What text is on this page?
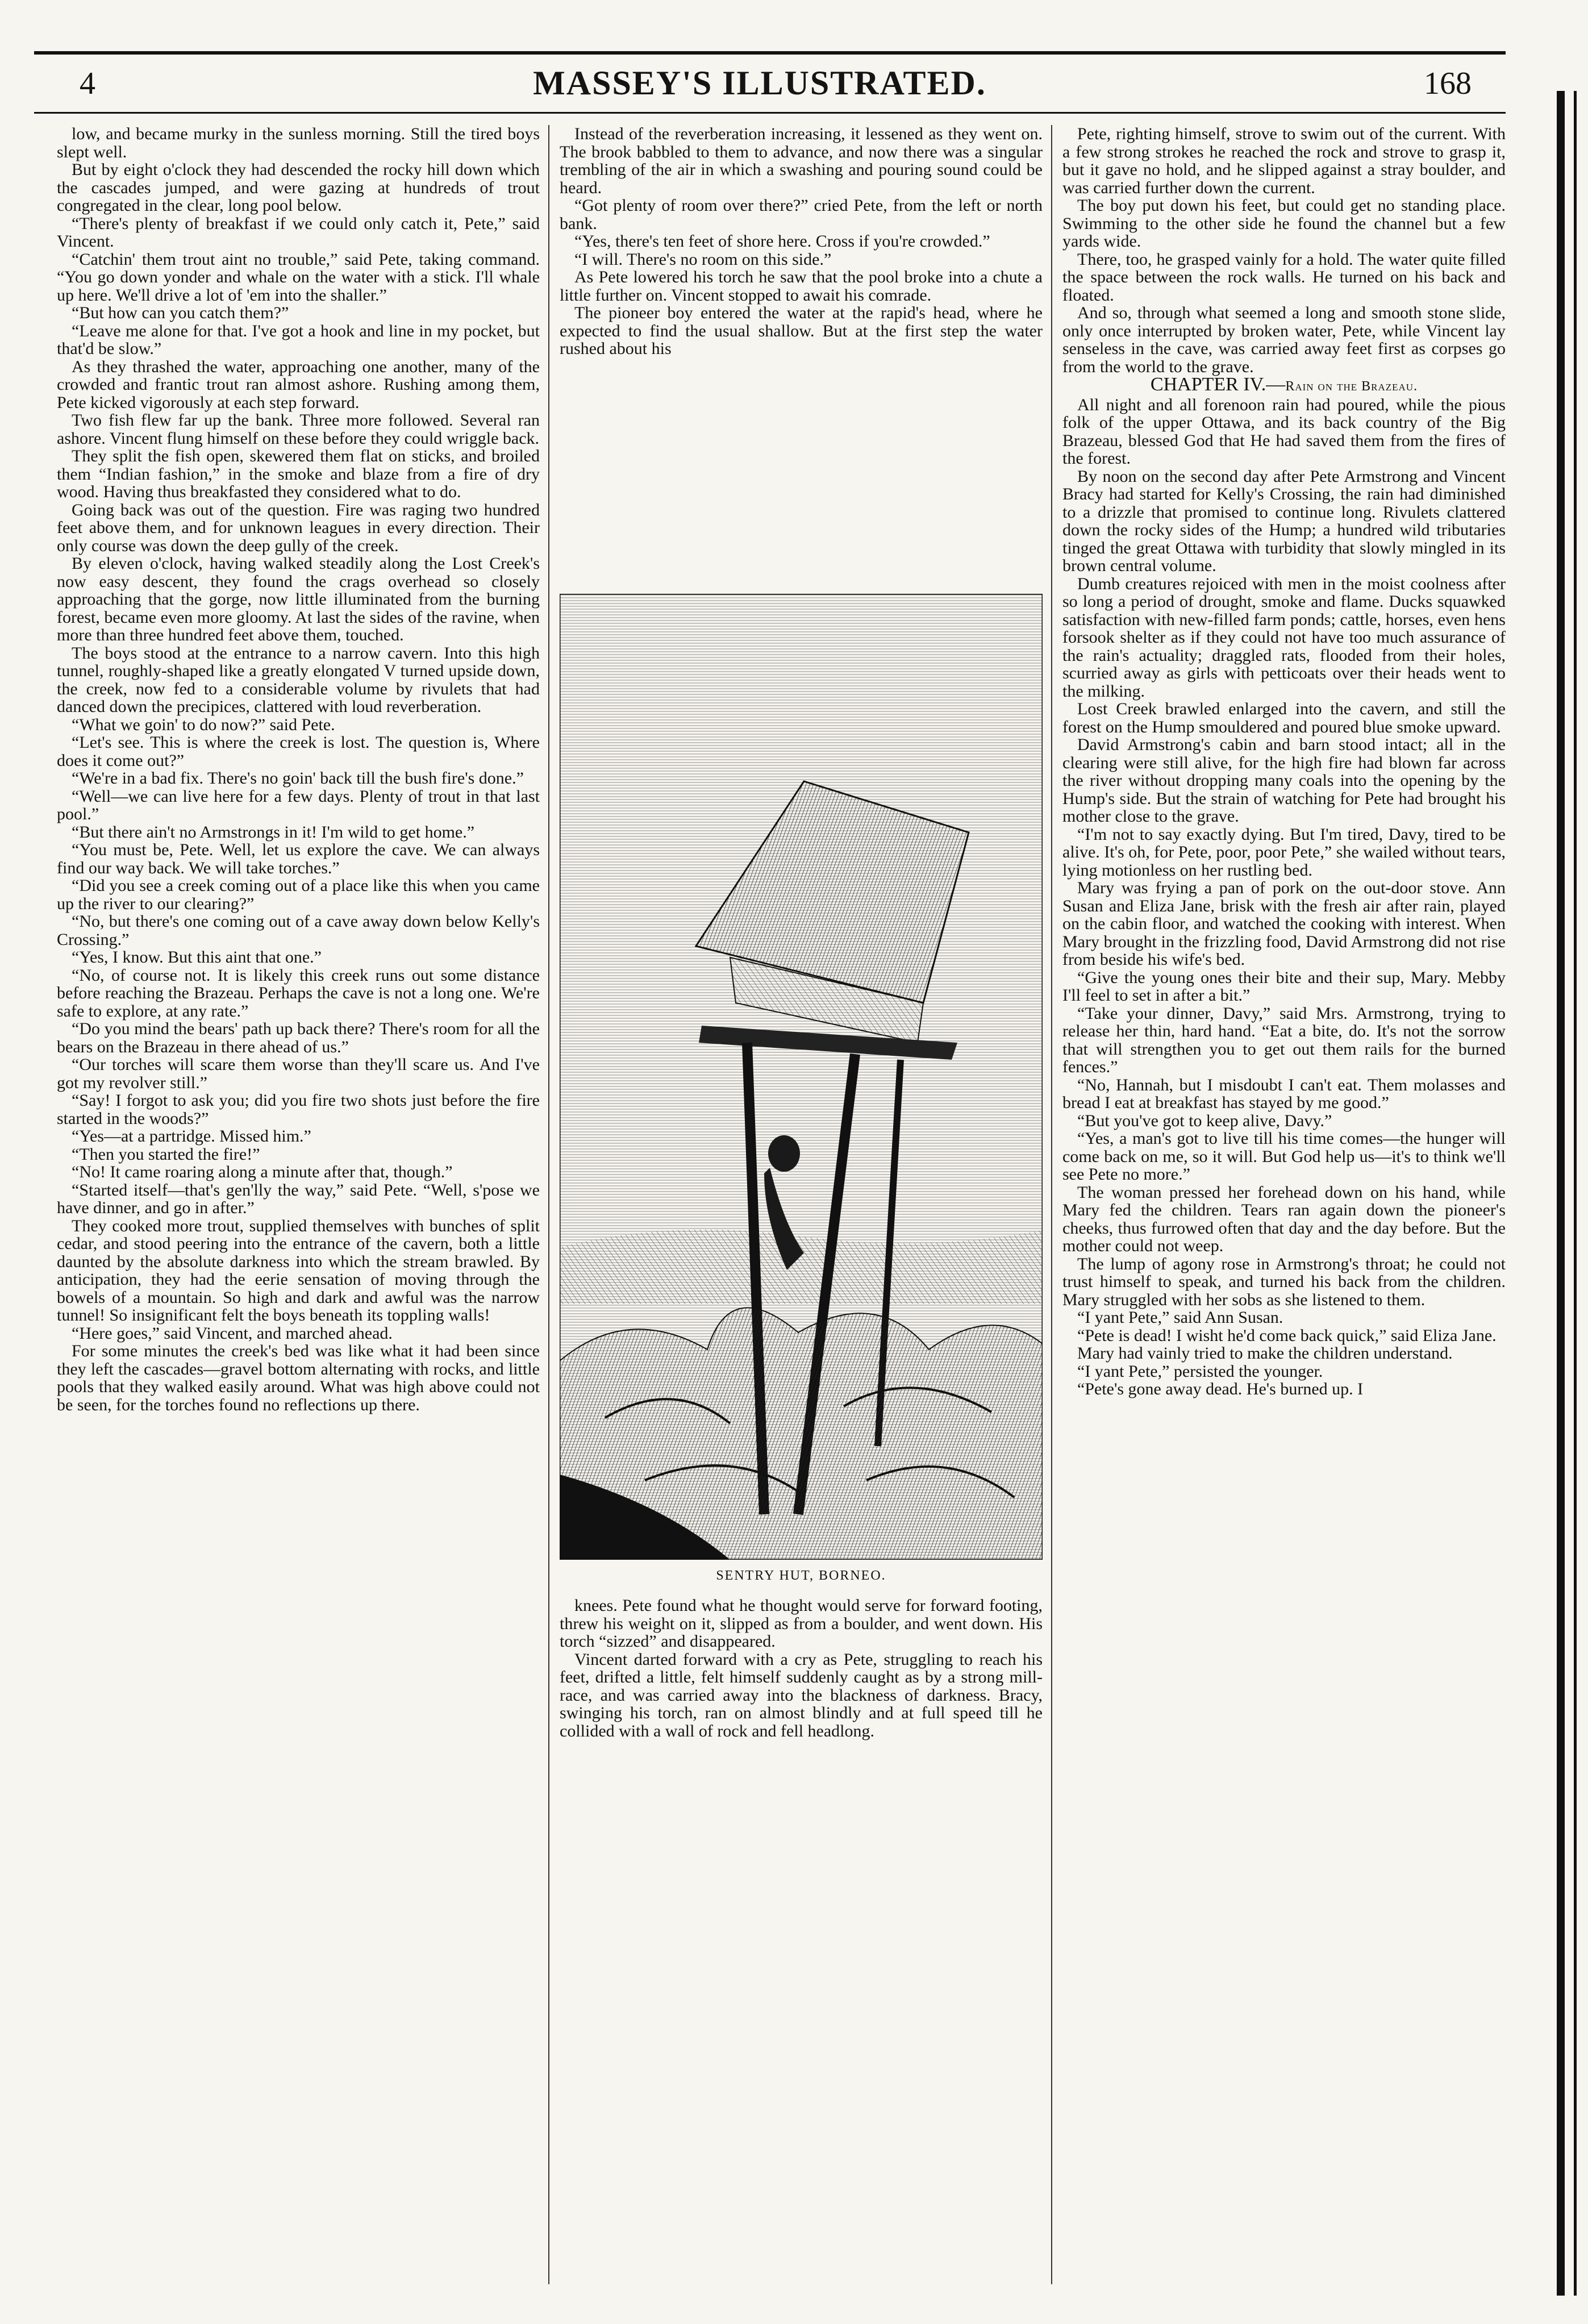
4	MASSEY'S ILLUSTRATED.	168

low, and became murky in the sunless morning. Still the tired boys slept well.

But by eight o'clock they had descended the rocky hill down which the cascades jumped, and were gazing at hundreds of trout congregated in the clear, long pool below.

“There's plenty of breakfast if we could only catch it, Pete,” said Vincent.

“Catchin' them trout aint no trouble,” said Pete, taking command. “You go down yonder and whale on the water with a stick. I'll whale up here. We'll drive a lot of 'em into the shaller.”

“But how can you catch them?”

“Leave me alone for that. I've got a hook and line in my pocket, but that'd be slow.”

As they thrashed the water, approaching one another, many of the crowded and frantic trout ran almost ashore. Rushing among them, Pete kicked vigorously at each step forward.

Two fish flew far up the bank. Three more followed. Several ran ashore. Vincent flung himself on these before they could wriggle back.

They split the fish open, skewered them flat on sticks, and broiled them “Indian fashion,” in the smoke and blaze from a fire of dry wood. Having thus breakfasted they considered what to do.

Going back was out of the question. Fire was raging two hundred feet above them, and for unknown leagues in every direction. Their only course was down the deep gully of the creek.

By eleven o'clock, having walked steadily along the Lost Creek's now easy descent, they found the crags overhead so closely approaching that the gorge, now little illuminated from the burning forest, became even more gloomy. At last the sides of the ravine, when more than three hundred feet above them, touched.

The boys stood at the entrance to a narrow cavern. Into this high tunnel, roughly-shaped like a greatly elongated V turned upside down, the creek, now fed to a considerable volume by rivulets that had danced down the precipices, clattered with loud reverberation.

“What we goin' to do now?” said Pete.

“Let's see. This is where the creek is lost. The question is, Where does it come out?”

“We're in a bad fix. There's no goin' back till the bush fire's done.”

“Well—we can live here for a few days. Plenty of trout in that last pool.”

“But there ain't no Armstrongs in it! I'm wild to get home.”

“You must be, Pete. Well, let us explore the cave. We can always find our way back. We will take torches.”

“Did you see a creek coming out of a place like this when you came up the river to our clearing?”

“No, but there's one coming out of a cave away down below Kelly's Crossing.”

“Yes, I know. But this aint that one.”

“No, of course not. It is likely this creek runs out some distance before reaching the Brazeau. Perhaps the cave is not a long one. We're safe to explore, at any rate.”

“Do you mind the bears' path up back there? There's room for all the bears on the Brazeau in there ahead of us.”

“Our torches will scare them worse than they'll scare us. And I've got my revolver still.”

“Say! I forgot to ask you; did you fire two shots just before the fire started in the woods?”

“Yes—at a partridge. Missed him.”

“Then you started the fire!”

“No! It came roaring along a minute after that, though.”

“Started itself—that's gen'lly the way,” said Pete. “Well, s'pose we have dinner, and go in after.”

They cooked more trout, supplied themselves with bunches of split cedar, and stood peering into the entrance of the cavern, both a little daunted by the absolute darkness into which the stream brawled. By anticipation, they had the eerie sensation of moving through the bowels of a mountain. So high and dark and awful was the narrow tunnel! So insignificant felt the boys beneath its toppling walls!

“Here goes,” said Vincent, and marched ahead.

For some minutes the creek's bed was like what it had been since they left the cascades—gravel bottom alternating with rocks, and little pools that they walked easily around. What was high above could not be seen, for the torches found no reflections up there.

Instead of the reverberation increasing, it lessened as they went on. The brook babbled to them to advance, and now there was a singular trembling of the air in which a swashing and pouring sound could be heard.

“Got plenty of room over there?” cried Pete, from the left or north bank.

“Yes, there's ten feet of shore here. Cross if you're crowded.”

“I will. There's no room on this side.”

As Pete lowered his torch he saw that the pool broke into a chute a little further on. Vincent stopped to await his comrade.

The pioneer boy entered the water at the rapid's head, where he expected to find the usual shallow. But at the first step the water rushed about his

SENTRY HUT, BORNEO.

knees. Pete found what he thought would serve for forward footing, threw his weight on it, slipped as from a boulder, and went down. His torch “sizzed” and disappeared.

Vincent darted forward with a cry as Pete, struggling to reach his feet, drifted a little, felt himself suddenly caught as by a strong mill-race, and was carried away into the blackness of darkness. Bracy, swinging his torch, ran on almost blindly and at full speed till he collided with a wall of rock and fell headlong.

Pete, righting himself, strove to swim out of the current. With a few strong strokes he reached the rock and strove to grasp it, but it gave no hold, and he slipped against a stray boulder, and was carried further down the current.

The boy put down his feet, but could get no standing place. Swimming to the other side he found the channel but a few yards wide.

There, too, he grasped vainly for a hold. The water quite filled the space between the rock walls. He turned on his back and floated.

And so, through what seemed a long and smooth stone slide, only once interrupted by broken water, Pete, while Vincent lay senseless in the cave, was carried away feet first as corpses go from the world to the grave.

CHAPTER IV.—Rain on the Brazeau.

All night and all forenoon rain had poured, while the pious folk of the upper Ottawa, and its back country of the Big Brazeau, blessed God that He had saved them from the fires of the forest.

By noon on the second day after Pete Armstrong and Vincent Bracy had started for Kelly's Crossing, the rain had diminished to a drizzle that promised to continue long. Rivulets clattered down the rocky sides of the Hump; a hundred wild tributaries tinged the great Ottawa with turbidity that slowly mingled in its brown central volume.

Dumb creatures rejoiced with men in the moist coolness after so long a period of drought, smoke and flame. Ducks squawked satisfaction with new-filled farm ponds; cattle, horses, even hens forsook shelter as if they could not have too much assurance of the rain's actuality; draggled rats, flooded from their holes, scurried away as girls with petticoats over their heads went to the milking.

Lost Creek brawled enlarged into the cavern, and still the forest on the Hump smouldered and poured blue smoke upward.

David Armstrong's cabin and barn stood intact; all in the clearing were still alive, for the high fire had blown far across the river without dropping many coals into the opening by the Hump's side. But the strain of watching for Pete had brought his mother close to the grave.

“I'm not to say exactly dying. But I'm tired, Davy, tired to be alive. It's oh, for Pete, poor, poor Pete,” she wailed without tears, lying motionless on her rustling bed.

Mary was frying a pan of pork on the out-door stove. Ann Susan and Eliza Jane, brisk with the fresh air after rain, played on the cabin floor, and watched the cooking with interest. When Mary brought in the frizzling food, David Armstrong did not rise from beside his wife's bed.

“Give the young ones their bite and their sup, Mary. Mebby I'll feel to set in after a bit.”

“Take your dinner, Davy,” said Mrs. Armstrong, trying to release her thin, hard hand. “Eat a bite, do. It's not the sorrow that will strengthen you to get out them rails for the burned fences.”

“No, Hannah, but I misdoubt I can't eat. Them molasses and bread I eat at breakfast has stayed by me good.”

“But you've got to keep alive, Davy.”

“Yes, a man's got to live till his time comes—the hunger will come back on me, so it will. But God help us—it's to think we'll see Pete no more.”

The woman pressed her forehead down on his hand, while Mary fed the children. Tears ran again down the pioneer's cheeks, thus furrowed often that day and the day before. But the mother could not weep.

The lump of agony rose in Armstrong's throat; he could not trust himself to speak, and turned his back from the children. Mary struggled with her sobs as she listened to them.

“I yant Pete,” said Ann Susan.

“Pete is dead! I wisht he'd come back quick,” said Eliza Jane.

Mary had vainly tried to make the children understand.

“I yant Pete,” persisted the younger.

“Pete's gone away dead. He's burned up. I
